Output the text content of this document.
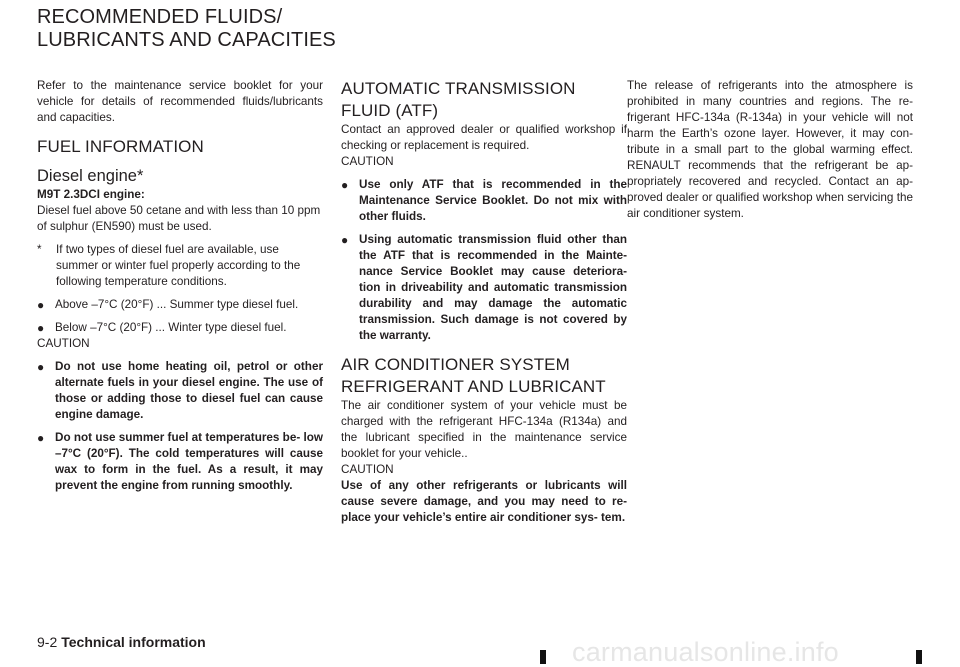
RECOMMENDED FLUIDS/
LUBRICANTS AND CAPACITIES

Refer to the maintenance service booklet for your vehicle for details of recommended fluids/lubricants and capacities.

FUEL INFORMATION
Diesel engine*

M9T 2.3DCI engine:

Diesel fuel above 50 cetane and with less than 10 ppm of sulphur (EN590) must be used.

*	If two types of diesel fuel are available, use summer or winter fuel properly according to the following temperature conditions.
● Above –7°C (20°F) ... Summer type diesel fuel.
● Below –7°C (20°F) ... Winter type diesel fuel.

CAUTION

● Do not use home heating oil, petrol or other alternate fuels in your diesel engine. The use of those or adding those to diesel fuel can cause engine damage.
● Do not use summer fuel at temperatures be- low –7°C (20°F). The cold temperatures will cause wax to form in the fuel. As a result, it may prevent the engine from running smoothly.
AUTOMATIC TRANSMISSION FLUID (ATF)

Contact an approved dealer or qualified workshop if checking or replacement is required.

CAUTION

● Use only ATF that is recommended in the Maintenance Service Booklet. Do not mix with other fluids.
● Using automatic transmission fluid other than the ATF that is recommended in the Mainte- nance Service Booklet may cause deteriora- tion in driveability and automatic transmission durability and may damage the automatic transmission. Such damage is not covered by the warranty.
AIR CONDITIONER SYSTEM REFRIGERANT AND LUBRICANT

The air conditioner system of your vehicle must be charged with the refrigerant HFC-134a (R134a) and the lubricant specified in the maintenance service booklet for your vehicle..

CAUTION

Use of any other refrigerants or lubricants will cause severe damage, and you may need to re- place your vehicle’s entire air conditioner sys- tem.

The release of refrigerants into the atmosphere is prohibited in many countries and regions. The re- frigerant HFC-134a (R-134a) in your vehicle will not harm the Earth’s ozone layer. However, it may con- tribute in a small part to the global warming effect. RENAULT recommends that the refrigerant be ap- propriately recovered and recycled. Contact an ap- proved dealer or qualified workshop when servicing the air conditioner system.

9-2 Technical information	carmanualsonline.info
